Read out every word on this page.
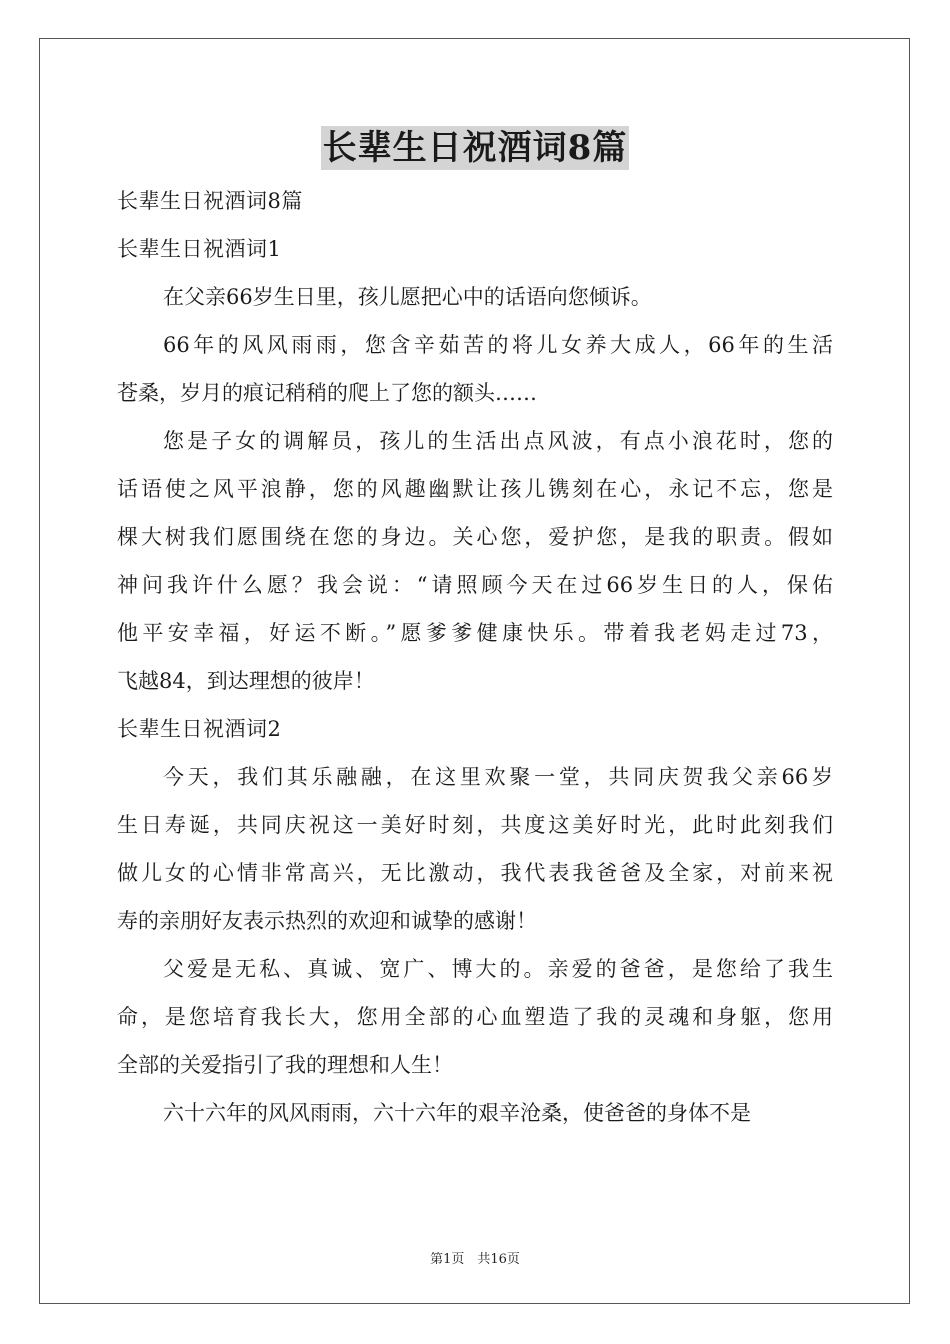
长辈生日祝酒词8篇

长辈生日祝酒词8篇

长辈生日祝酒词1

在父亲66岁生日里，孩儿愿把心中的话语向您倾诉。
66年的风风雨雨，您含辛茹苦的将儿女养大成人，66年的生活
苍桑，岁月的痕记稍稍的爬上了您的额头……
您是子女的调解员，孩儿的生活出点风波，有点小浪花时，您的
话语使之风平浪静，您的风趣幽默让孩儿镌刻在心，永记不忘，您是
棵大树我们愿围绕在您的身边。关心您，爱护您，是我的职责。假如
神问我许什么愿？我会说：“请照顾今天在过66岁生日的人，保佑
他平安幸福，好运不断。”愿爹爹健康快乐。带着我老妈走过73，
飞越84，到达理想的彼岸！

长辈生日祝酒词2

今天，我们其乐融融，在这里欢聚一堂，共同庆贺我父亲66岁
生日寿诞，共同庆祝这一美好时刻，共度这美好时光，此时此刻我们
做儿女的心情非常高兴，无比激动，我代表我爸爸及全家，对前来祝
寿的亲朋好友表示热烈的欢迎和诚挚的感谢！
父爱是无私、真诚、宽广、博大的。亲爱的爸爸，是您给了我生
命，是您培育我长大，您用全部的心血塑造了我的灵魂和身躯，您用
全部的关爱指引了我的理想和人生！
六十六年的风风雨雨，六十六年的艰辛沧桑，使爸爸的身体不是
第1页　共16页
